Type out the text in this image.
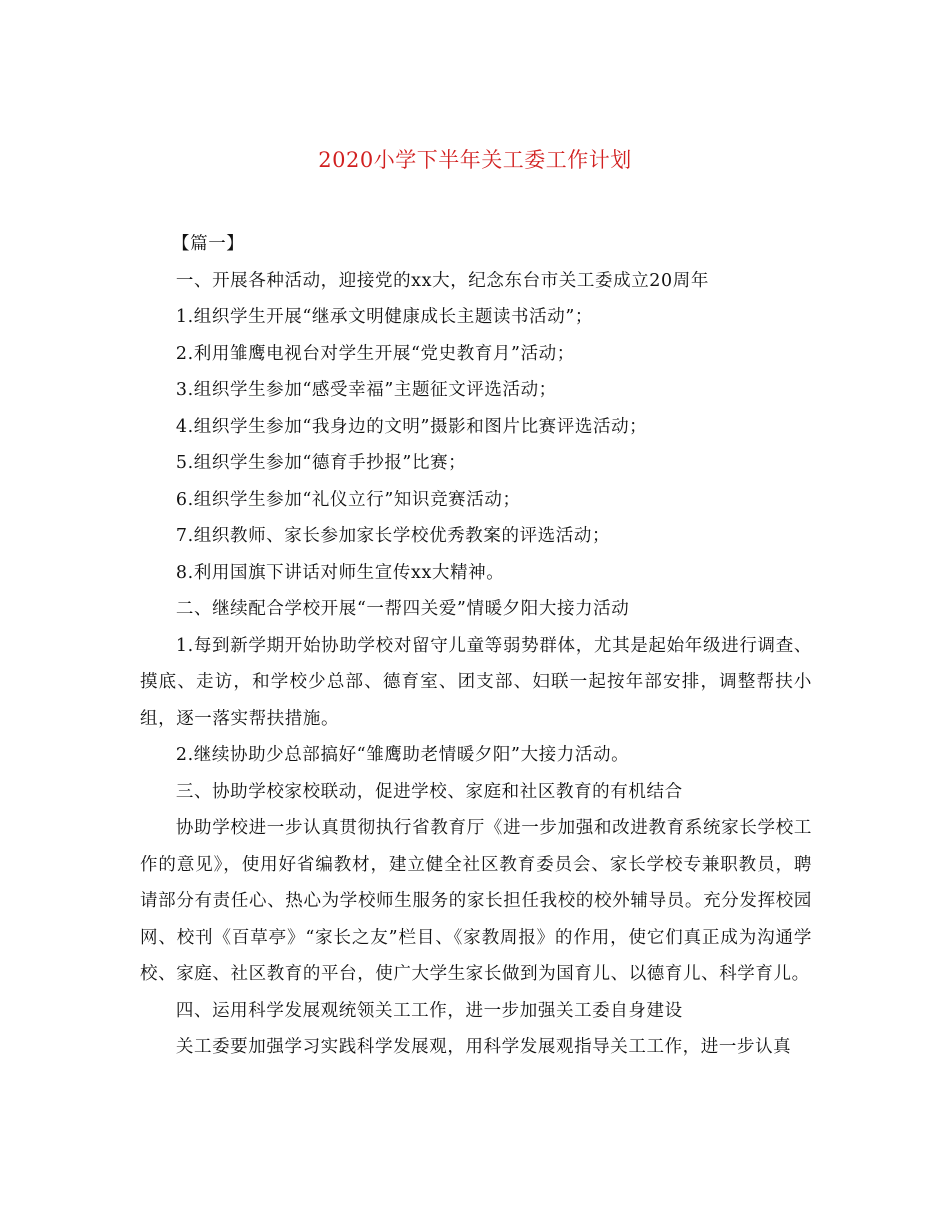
2020小学下半年关工委工作计划

【篇一】

一、开展各种活动，迎接党的xx大，纪念东台市关工委成立20周年

1.组织学生开展“继承文明健康成长主题读书活动”；

2.利用雏鹰电视台对学生开展“党史教育月”活动；

3.组织学生参加“感受幸福”主题征文评选活动；

4.组织学生参加“我身边的文明”摄影和图片比赛评选活动；

5.组织学生参加“德育手抄报”比赛；

6.组织学生参加“礼仪立行”知识竞赛活动；

7.组织教师、家长参加家长学校优秀教案的评选活动；

8.利用国旗下讲话对师生宣传xx大精神。

二、继续配合学校开展“一帮四关爱”情暖夕阳大接力活动

1.每到新学期开始协助学校对留守儿童等弱势群体，尤其是起始年级进行调查、摸底、走访，和学校少总部、德育室、团支部、妇联一起按年部安排，调整帮扶小组，逐一落实帮扶措施。

2.继续协助少总部搞好“雏鹰助老情暖夕阳”大接力活动。

三、协助学校家校联动，促进学校、家庭和社区教育的有机结合

协助学校进一步认真贯彻执行省教育厅《进一步加强和改进教育系统家长学校工作的意见》，使用好省编教材，建立健全社区教育委员会、家长学校专兼职教员，聘请部分有责任心、热心为学校师生服务的家长担任我校的校外辅导员。充分发挥校园网、校刊《百草亭》“家长之友”栏目、《家教周报》的作用，使它们真正成为沟通学校、家庭、社区教育的平台，使广大学生家长做到为国育儿、以德育儿、科学育儿。

四、运用科学发展观统领关工工作，进一步加强关工委自身建设

关工委要加强学习实践科学发展观，用科学发展观指导关工工作，进一步认真
